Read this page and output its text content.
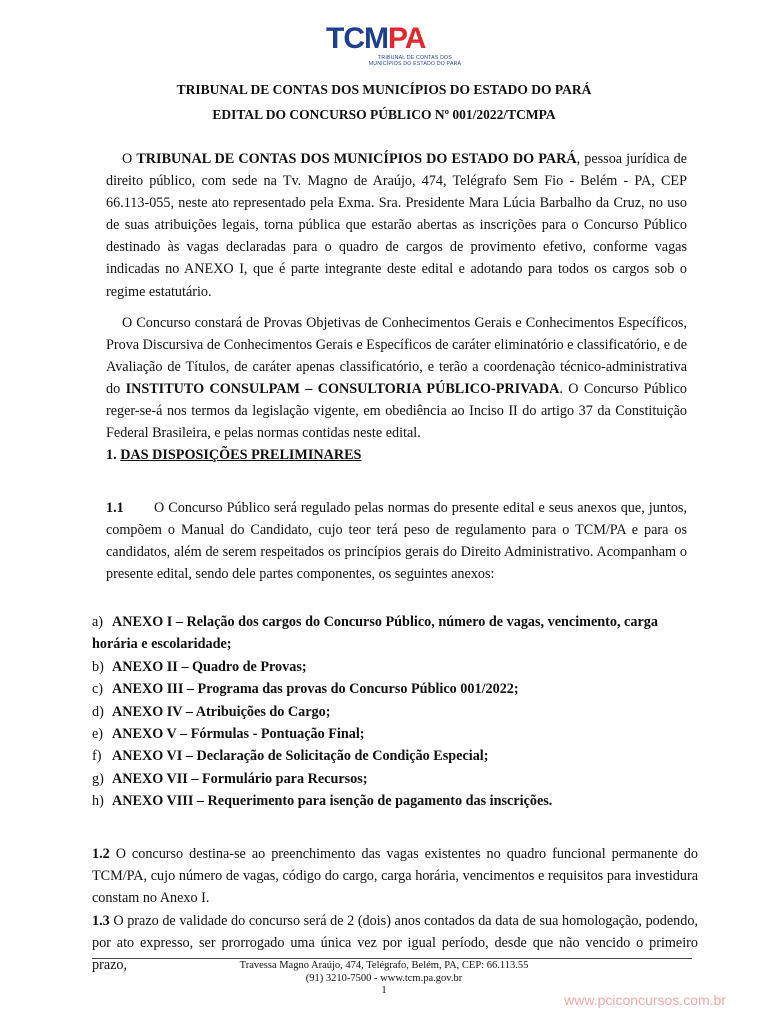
TCMPA
TRIBUNAL DE CONTAS DOS MUNICÍPIOS DO ESTADO DO PARÁ
TRIBUNAL DE CONTAS DOS MUNICÍPIOS DO ESTADO DO PARÁ
EDITAL DO CONCURSO PÚBLICO Nº 001/2022/TCMPA
O TRIBUNAL DE CONTAS DOS MUNICÍPIOS DO ESTADO DO PARÁ, pessoa jurídica de direito público, com sede na Tv. Magno de Araújo, 474, Telégrafo Sem Fio - Belém - PA, CEP 66.113-055, neste ato representado pela Exma. Sra. Presidente Mara Lúcia Barbalho da Cruz, no uso de suas atribuições legais, torna pública que estarão abertas as inscrições para o Concurso Público destinado às vagas declaradas para o quadro de cargos de provimento efetivo, conforme vagas indicadas no ANEXO I, que é parte integrante deste edital e adotando para todos os cargos sob o regime estatutário.
O Concurso constará de Provas Objetivas de Conhecimentos Gerais e Conhecimentos Específicos, Prova Discursiva de Conhecimentos Gerais e Específicos de caráter eliminatório e classificatório, e de Avaliação de Títulos, de caráter apenas classificatório, e terão a coordenação técnico-administrativa do INSTITUTO CONSULPAM – CONSULTORIA PÚBLICO-PRIVADA. O Concurso Público reger-se-á nos termos da legislação vigente, em obediência ao Inciso II do artigo 37 da Constituição Federal Brasileira, e pelas normas contidas neste edital.
1. DAS DISPOSIÇÕES PRELIMINARES
1.1 O Concurso Público será regulado pelas normas do presente edital e seus anexos que, juntos, compõem o Manual do Candidato, cujo teor terá peso de regulamento para o TCM/PA e para os candidatos, além de serem respeitados os princípios gerais do Direito Administrativo. Acompanham o presente edital, sendo dele partes componentes, os seguintes anexos:
a) ANEXO I – Relação dos cargos do Concurso Público, número de vagas, vencimento, carga horária e escolaridade;
b) ANEXO II – Quadro de Provas;
c) ANEXO III – Programa das provas do Concurso Público 001/2022;
d) ANEXO IV – Atribuições do Cargo;
e) ANEXO V – Fórmulas - Pontuação Final;
f) ANEXO VI – Declaração de Solicitação de Condição Especial;
g) ANEXO VII – Formulário para Recursos;
h) ANEXO VIII – Requerimento para isenção de pagamento das inscrições.
1.2 O concurso destina-se ao preenchimento das vagas existentes no quadro funcional permanente do TCM/PA, cujo número de vagas, código do cargo, carga horária, vencimentos e requisitos para investidura constam no Anexo I.
1.3 O prazo de validade do concurso será de 2 (dois) anos contados da data de sua homologação, podendo, por ato expresso, ser prorrogado uma única vez por igual período, desde que não vencido o primeiro prazo,	Travessa Magno Araújo, 474, Telégrafo, Belém, PA, CEP: 66.113.55
(91) 3210-7500 - www.tcm.pa.gov.br
1
www.pciconcursos.com.br
